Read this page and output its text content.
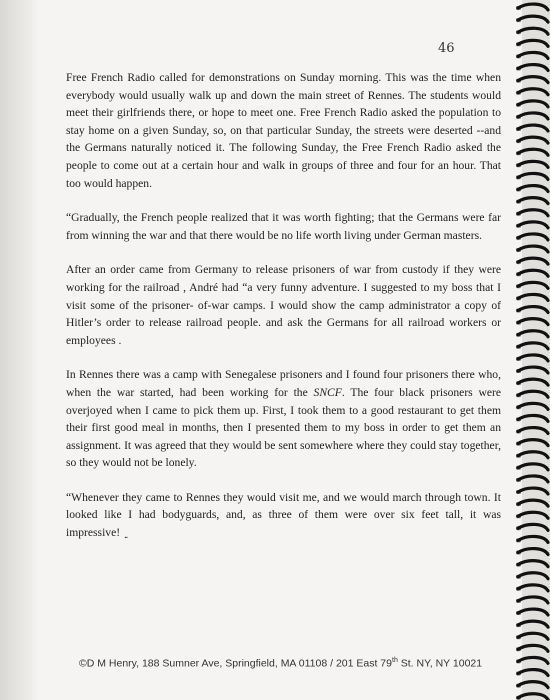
46

Free French Radio called for demonstrations on Sunday morning. This was the time when everybody would usually walk up and down the main street of Rennes. The students would meet their girlfriends there, or hope to meet one. Free French Radio asked the population to stay home on a given Sunday, so, on that particular Sunday, the streets were deserted --and the Germans naturally noticed it. The following Sunday, the Free French Radio asked the people to come out at a certain hour and walk in groups of three and four for an hour. That too would happen.

“Gradually, the French people realized that it was worth fighting; that the Germans were far from winning the war and that there would be no life worth living under German masters.

After an order came from Germany to release prisoners of war from custody if they were working for the railroad , André had “a very funny adventure. I suggested to my boss that I visit some of the prisoner- of-war camps. I would show the camp administrator a copy of Hitler’s order to release railroad people. and ask the Germans for all railroad workers or employees .

In Rennes there was a camp with Senegalese prisoners and I found four prisoners there who, when the war started, had been working for the SNCF. The four black prisoners were overjoyed when I came to pick them up. First, I took them to a good restaurant to get them their first good meal in months, then I presented them to my boss in order to get them an assignment. It was agreed that they would be sent somewhere where they could stay together, so they would not be lonely.

“Whenever they came to Rennes they would visit me, and we would march through town. It looked like I had bodyguards, and, as three of them were over six feet tall, it was impressive! ..

©D M Henry, 188 Sumner Ave, Springfield, MA 01108 / 201 East 79th St. NY, NY 10021
